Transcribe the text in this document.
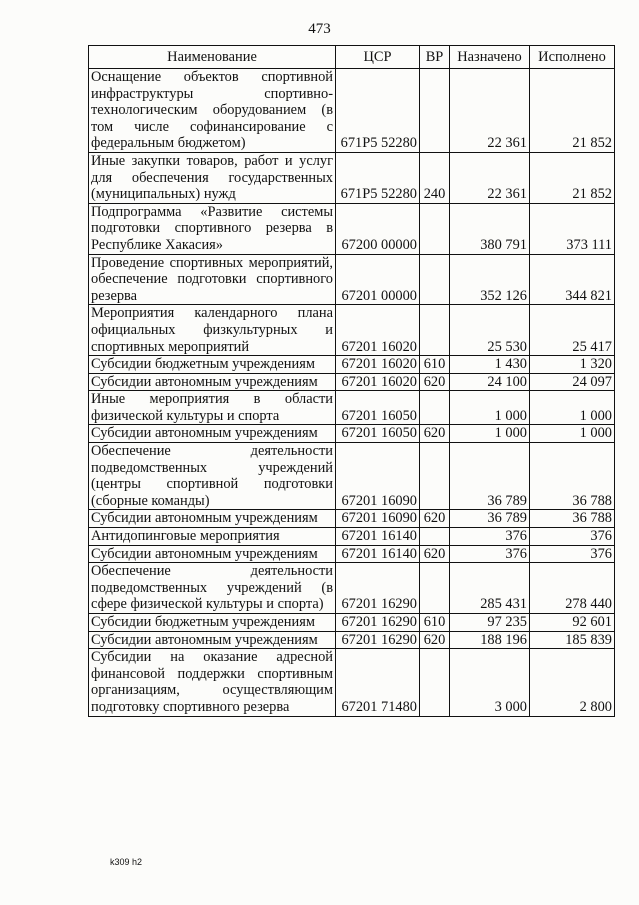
473
Наименование	ЦСР	ВР	Назначено	Исполнено
Оснащение объектов спортивной инфраструктуры спортивно-технологическим оборудованием (в том числе софинансирование с федеральным бюджетом)	671P5 52280		22 361	21 852
Иные закупки товаров, работ и услуг для обеспечения государственных (муниципальных) нужд	671P5 52280	240	22 361	21 852
Подпрограмма «Развитие системы подготовки спортивного резерва в Республике Хакасия»	67200 00000		380 791	373 111
Проведение спортивных мероприятий, обеспечение подготовки спортивного резерва	67201 00000		352 126	344 821
Мероприятия календарного плана официальных физкультурных и спортивных мероприятий	67201 16020		25 530	25 417
Субсидии бюджетным учреждениям	67201 16020	610	1 430	1 320
Субсидии автономным учреждениям	67201 16020	620	24 100	24 097
Иные мероприятия в области физической культуры и спорта	67201 16050		1 000	1 000
Субсидии автономным учреждениям	67201 16050	620	1 000	1 000
Обеспечение деятельности подведомственных учреждений (центры спортивной подготовки (сборные команды)	67201 16090		36 789	36 788
Субсидии автономным учреждениям	67201 16090	620	36 789	36 788
Антидопинговые мероприятия	67201 16140		376	376
Субсидии автономным учреждениям	67201 16140	620	376	376
Обеспечение деятельности подведомственных учреждений (в сфере физической культуры и спорта)	67201 16290		285 431	278 440
Субсидии бюджетным учреждениям	67201 16290	610	97 235	92 601
Субсидии автономным учреждениям	67201 16290	620	188 196	185 839
Субсидии на оказание адресной финансовой поддержки спортивным организациям, осуществляющим подготовку спортивного резерва	67201 71480		3 000	2 800
k309 h2
